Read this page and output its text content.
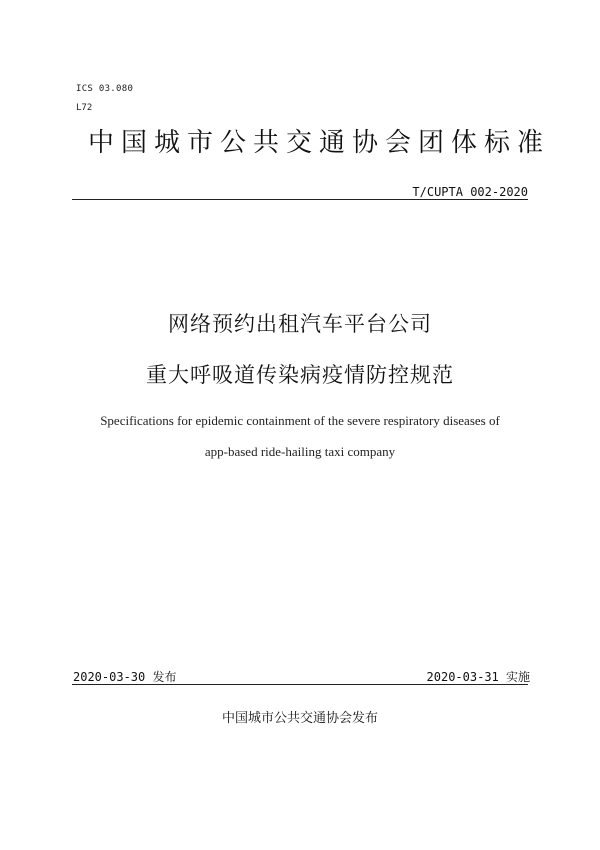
ICS 03.080
L72
中国城市公共交通协会团体标准
T/CUPTA 002-2020
网络预约出租汽车平台公司
重大呼吸道传染病疫情防控规范
Specifications for epidemic containment of the severe respiratory diseases of
app-based ride-hailing taxi company
2020-03-30 发布	2020-03-31 实施
中国城市公共交通协会发布
